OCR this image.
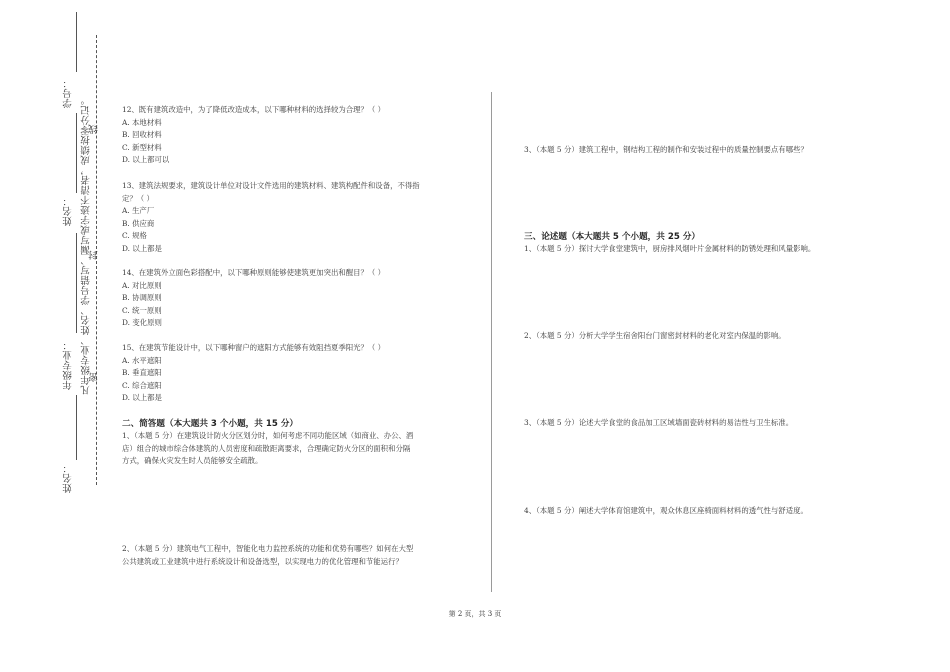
学号：
姓名：
年级专业：
姓名：
凡年级专业、姓名、学号错写、漏写或字迹不清者，成绩按零分记。
密
封
线
12、既有建筑改造中，为了降低改造成本，以下哪种材料的选择较为合理？（ ）
A. 本地材料
B. 回收材料
C. 新型材料
D. 以上都可以
13、建筑法规要求，建筑设计单位对设计文件选用的建筑材料、建筑构配件和设备，不得指
定？（ ）
A. 生产厂
B. 供应商
C. 规格
D. 以上都是
14、在建筑外立面色彩搭配中，以下哪种原则能够使建筑更加突出和醒目？（ ）
A. 对比原则
B. 协调原则
C. 统一原则
D. 变化原则
15、在建筑节能设计中，以下哪种窗户的遮阳方式能够有效阻挡夏季阳光？（ ）
A. 水平遮阳
B. 垂直遮阳
C. 综合遮阳
D. 以上都是
二、简答题（本大题共 3 个小题，共 15 分）
1、（本题 5 分）在建筑设计防火分区划分时，如何考虑不同功能区域（如商业、办公、酒
店）组合的城市综合体建筑的人员密度和疏散距离要求，合理确定防火分区的面积和分隔
方式，确保火灾发生时人员能够安全疏散。
2、（本题 5 分）建筑电气工程中，智能化电力监控系统的功能和优势有哪些？如何在大型
公共建筑或工业建筑中进行系统设计和设备选型，以实现电力的优化管理和节能运行？
3、（本题 5 分）建筑工程中，钢结构工程的制作和安装过程中的质量控制要点有哪些？
三、论述题（本大题共 5 个小题，共 25 分）
1、（本题 5 分）探讨大学食堂建筑中，厨房排风烟叶片金属材料的防锈处理和风量影响。
2、（本题 5 分）分析大学学生宿舍阳台门窗密封材料的老化对室内保温的影响。
3、（本题 5 分）论述大学食堂的食品加工区域墙面瓷砖材料的易洁性与卫生标准。
4、（本题 5 分）阐述大学体育馆建筑中，观众休息区座椅面料材料的透气性与舒适度。
第 2 页，共 3 页
